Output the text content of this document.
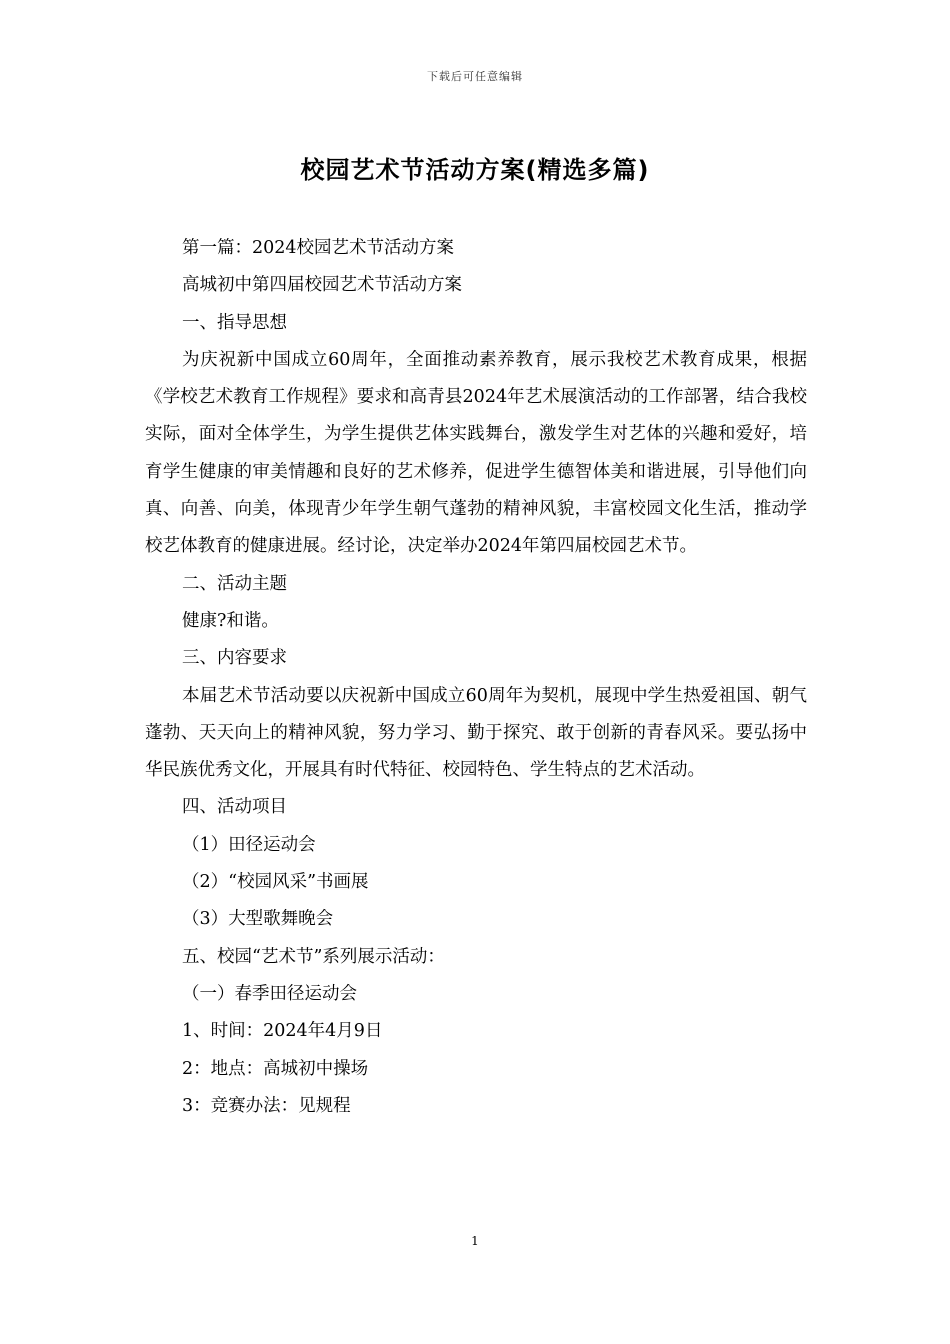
下载后可任意编辑
校园艺术节活动方案(精选多篇)
第一篇：2024校园艺术节活动方案
高城初中第四届校园艺术节活动方案
一、指导思想

为庆祝新中国成立60周年，全面推动素养教育，展示我校艺术教育成果，根据《学校艺术教育工作规程》要求和高青县2024年艺术展演活动的工作部署，结合我校实际，面对全体学生，为学生提供艺体实践舞台，激发学生对艺体的兴趣和爱好，培育学生健康的审美情趣和良好的艺术修养，促进学生德智体美和谐进展，引导他们向真、向善、向美，体现青少年学生朝气蓬勃的精神风貌，丰富校园文化生活，推动学校艺体教育的健康进展。经讨论，决定举办2024年第四届校园艺术节。

二、活动主题
健康?和谐。
三、内容要求

本届艺术节活动要以庆祝新中国成立60周年为契机，展现中学生热爱祖国、朝气蓬勃、天天向上的精神风貌，努力学习、勤于探究、敢于创新的青春风采。要弘扬中华民族优秀文化，开展具有时代特征、校园特色、学生特点的艺术活动。

四、活动项目
（1）田径运动会
（2）“校园风采”书画展
（3）大型歌舞晚会
五、校园“艺术节”系列展示活动：
（一）春季田径运动会
1、时间：2024年4月9日
2：地点：高城初中操场
3：竞赛办法：见规程
1
